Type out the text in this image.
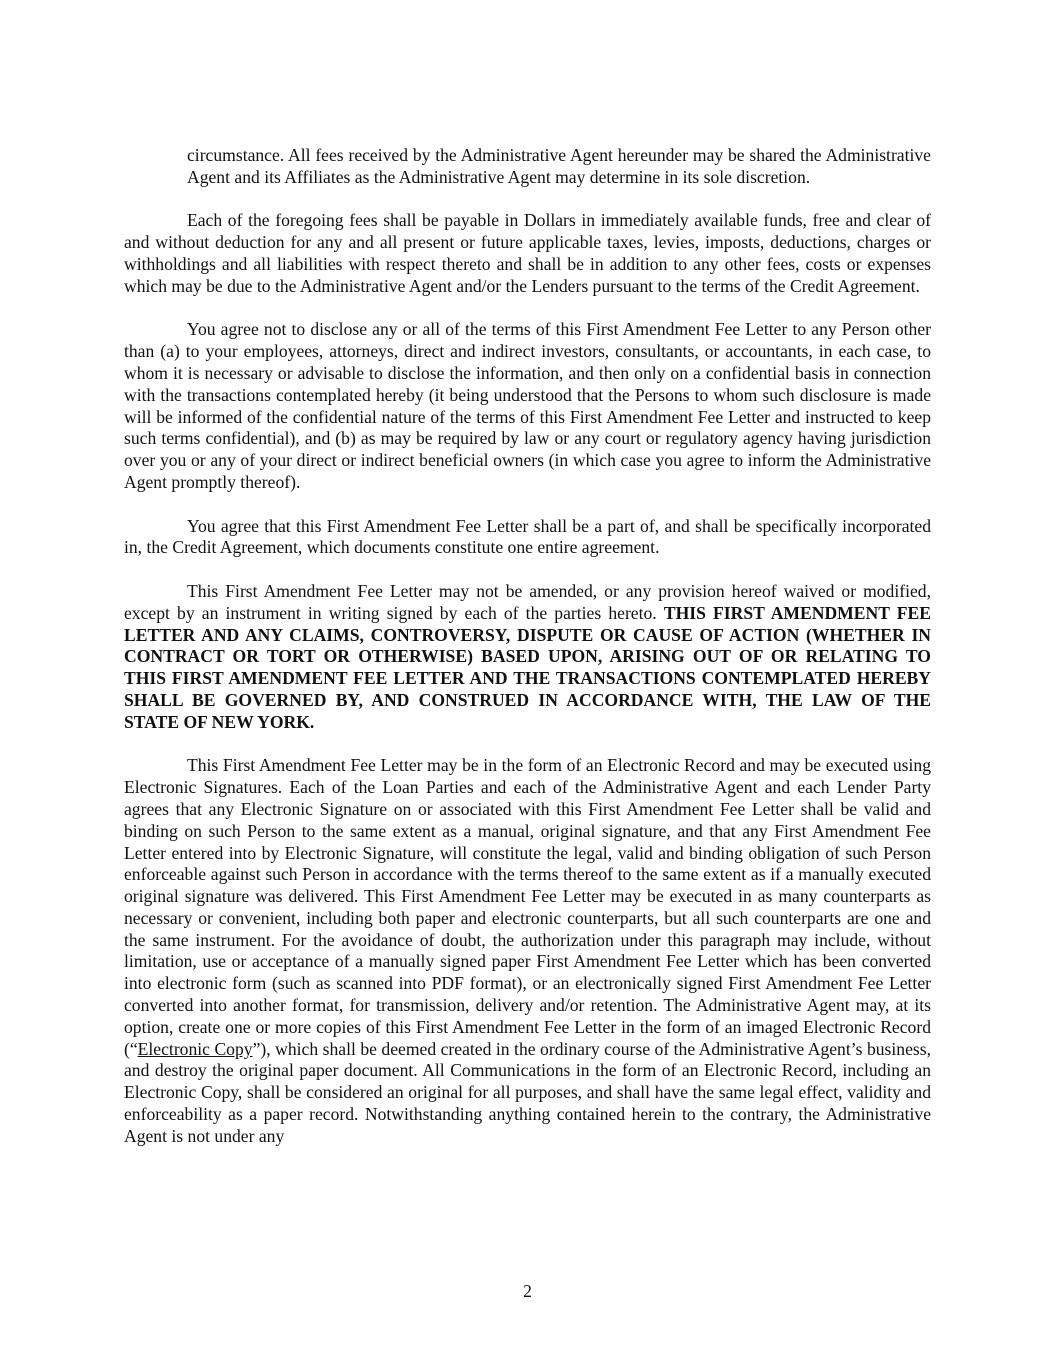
circumstance. All fees received by the Administrative Agent hereunder may be shared the Administrative Agent and its Affiliates as the Administrative Agent may determine in its sole discretion.

Each of the foregoing fees shall be payable in Dollars in immediately available funds, free and clear of and without deduction for any and all present or future applicable taxes, levies, imposts, deductions, charges or withholdings and all liabilities with respect thereto and shall be in addition to any other fees, costs or expenses which may be due to the Administrative Agent and/or the Lenders pursuant to the terms of the Credit Agreement.

You agree not to disclose any or all of the terms of this First Amendment Fee Letter to any Person other than (a) to your employees, attorneys, direct and indirect investors, consultants, or accountants, in each case, to whom it is necessary or advisable to disclose the information, and then only on a confidential basis in connection with the transactions contemplated hereby (it being understood that the Persons to whom such disclosure is made will be informed of the confidential nature of the terms of this First Amendment Fee Letter and instructed to keep such terms confidential), and (b) as may be required by law or any court or regulatory agency having jurisdiction over you or any of your direct or indirect beneficial owners (in which case you agree to inform the Administrative Agent promptly thereof).

You agree that this First Amendment Fee Letter shall be a part of, and shall be specifically incorporated in, the Credit Agreement, which documents constitute one entire agreement.

This First Amendment Fee Letter may not be amended, or any provision hereof waived or modified, except by an instrument in writing signed by each of the parties hereto. THIS FIRST AMENDMENT FEE LETTER AND ANY CLAIMS, CONTROVERSY, DISPUTE OR CAUSE OF ACTION (WHETHER IN CONTRACT OR TORT OR OTHERWISE) BASED UPON, ARISING OUT OF OR RELATING TO THIS FIRST AMENDMENT FEE LETTER AND THE TRANSACTIONS CONTEMPLATED HEREBY SHALL BE GOVERNED BY, AND CONSTRUED IN ACCORDANCE WITH, THE LAW OF THE STATE OF NEW YORK.

This First Amendment Fee Letter may be in the form of an Electronic Record and may be executed using Electronic Signatures. Each of the Loan Parties and each of the Administrative Agent and each Lender Party agrees that any Electronic Signature on or associated with this First Amendment Fee Letter shall be valid and binding on such Person to the same extent as a manual, original signature, and that any First Amendment Fee Letter entered into by Electronic Signature, will constitute the legal, valid and binding obligation of such Person enforceable against such Person in accordance with the terms thereof to the same extent as if a manually executed original signature was delivered. This First Amendment Fee Letter may be executed in as many counterparts as necessary or convenient, including both paper and electronic counterparts, but all such counterparts are one and the same instrument. For the avoidance of doubt, the authorization under this paragraph may include, without limitation, use or acceptance of a manually signed paper First Amendment Fee Letter which has been converted into electronic form (such as scanned into PDF format), or an electronically signed First Amendment Fee Letter converted into another format, for transmission, delivery and/or retention. The Administrative Agent may, at its option, create one or more copies of this First Amendment Fee Letter in the form of an imaged Electronic Record (“Electronic Copy”), which shall be deemed created in the ordinary course of the Administrative Agent’s business, and destroy the original paper document. All Communications in the form of an Electronic Record, including an Electronic Copy, shall be considered an original for all purposes, and shall have the same legal effect, validity and enforceability as a paper record. Notwithstanding anything contained herein to the contrary, the Administrative Agent is not under any

2
